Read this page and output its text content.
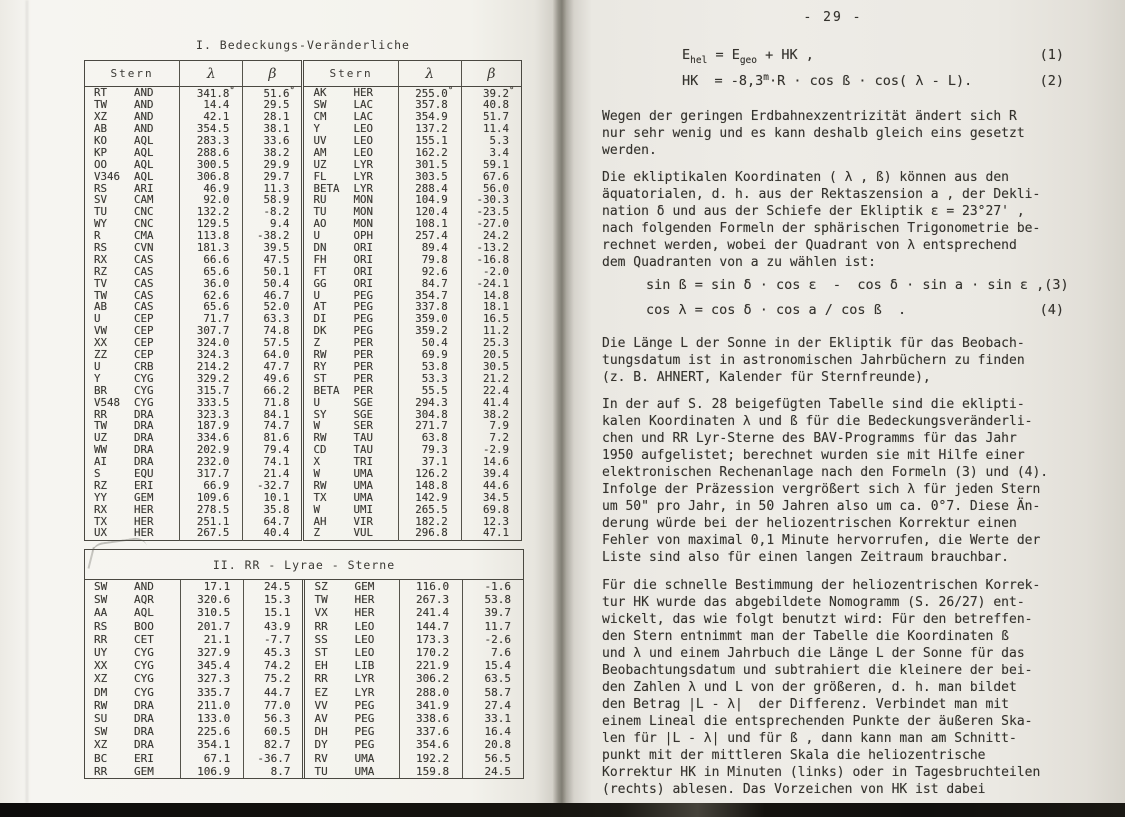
I. Bedeckungs-Veränderliche
Stern	λ	β	Stern	λ	β

RT AND	341.8°	51.6°	AK HER	255.0°	39.2°

TW AND	14.4	29.5	SW LAC	357.8	40.8

XZ AND	42.1	28.1	CM LAC	354.9	51.7

AB AND	354.5	38.1	Y LEO	137.2	11.4

KO AQL	283.3	33.6	UV LEO	155.1	5.3

KP AQL	288.6	38.2	AM LEO	162.2	3.4

OO AQL	300.5	29.9	UZ LYR	301.5	59.1

V346 AQL	306.8	29.7	FL LYR	303.5	67.6

RS ARI	46.9	11.3	BETA LYR	288.4	56.0

SV CAM	92.0	58.9	RU MON	104.9	-30.3

TU CNC	132.2	-8.2	TU MON	120.4	-23.5

WY CNC	129.5	9.4	AO MON	108.1	-27.0

R CMA	113.8	-38.2	U OPH	257.4	24.2

RS CVN	181.3	39.5	DN ORI	89.4	-13.2

RX CAS	66.6	47.5	FH ORI	79.8	-16.8

RZ CAS	65.6	50.1	FT ORI	92.6	-2.0

TV CAS	36.0	50.4	GG ORI	84.7	-24.1

TW CAS	62.6	46.7	U PEG	354.7	14.8

AB CAS	65.6	52.0	AT PEG	337.8	18.1

U CEP	71.7	63.3	DI PEG	359.0	16.5

VW CEP	307.7	74.8	DK PEG	359.2	11.2

XX CEP	324.0	57.5	Z PER	50.4	25.3

ZZ CEP	324.3	64.0	RW PER	69.9	20.5

U CRB	214.2	47.7	RY PER	53.8	30.5

Y CYG	329.2	49.6	ST PER	53.3	21.2

BR CYG	315.7	66.2	BETA PER	55.5	22.4

V548 CYG	333.5	71.8	U SGE	294.3	41.4

RR DRA	323.3	84.1	SY SGE	304.8	38.2

TW DRA	187.9	74.7	W SER	271.7	7.9

UZ DRA	334.6	81.6	RW TAU	63.8	7.2

WW DRA	202.9	79.4	CD TAU	79.3	-2.9

AI DRA	232.0	74.1	X TRI	37.1	14.6

S EQU	317.7	21.4	W UMA	126.2	39.4

RZ ERI	66.9	-32.7	RW UMA	148.8	44.6

YY GEM	109.6	10.1	TX UMA	142.9	34.5

RX HER	278.5	35.8	W UMI	265.5	69.8

TX HER	251.1	64.7	AH VIR	182.2	12.3

UX HER	267.5	40.4	Z VUL	296.8	47.1
II. RR - Lyrae - Sterne
SW AND	17.1	24.5	SZ GEM	116.0	-1.6

SW AQR	320.6	15.3	TW HER	267.3	53.8

AA AQL	310.5	15.1	VX HER	241.4	39.7

RS BOO	201.7	43.9	RR LEO	144.7	11.7

RR CET	21.1	-7.7	SS LEO	173.3	-2.6

UY CYG	327.9	45.3	ST LEO	170.2	7.6

XX CYG	345.4	74.2	EH LIB	221.9	15.4

XZ CYG	327.3	75.2	RR LYR	306.2	63.5

DM CYG	335.7	44.7	EZ LYR	288.0	58.7

RW DRA	211.0	77.0	VV PEG	341.9	27.4

SU DRA	133.0	56.3	AV PEG	338.6	33.1

SW DRA	225.6	60.5	DH PEG	337.6	16.4

XZ DRA	354.1	82.7	DY PEG	354.6	20.8

BC ERI	67.1	-36.7	RV UMA	192.2	56.5

RR GEM	106.9	8.7	TU UMA	159.8	24.5
- 29 -
$E_{hel} = E_{geo}$ + HK ,	(1)
HK  = $-8,3^m\cdot R \cdot \cos$ ß · cos( λ - L).	(2)
Wegen der geringen Erdbahnexzentrizität ändert sich R
nur sehr wenig und es kann deshalb gleich eins gesetzt
werden.
Die ekliptikalen Koordinaten ( λ , ß) können aus den
äquatorialen, d. h. aus der Rektaszension a , der Dekli-
nation δ und aus der Schiefe der Ekliptik ε = 23°27' ,
nach folgenden Formeln der sphärischen Trigonometrie be-
rechnet werden, wobei der Quadrant von λ entsprechend
dem Quadranten von a zu wählen ist:
sin ß = sin δ · cos ε  -  cos δ · sin a · sin ε , (3)
cos λ = cos δ · cos a / cos ß  .	(4)
Die Länge L der Sonne in der Ekliptik für das Beobach-
tungsdatum ist in astronomischen Jahrbüchern zu finden
(z. B. AHNERT, Kalender für Sternfreunde),
In der auf S. 28 beigefügten Tabelle sind die eklipti-
kalen Koordinaten λ und ß für die Bedeckungsveränderli-
chen und RR Lyr-Sterne des BAV-Programms für das Jahr
1950 aufgelistet; berechnet wurden sie mit Hilfe einer
elektronischen Rechenanlage nach den Formeln (3) und (4).
Infolge der Präzession vergrößert sich λ für jeden Stern
um 50" pro Jahr, in 50 Jahren also um ca. 0°7. Diese Än-
derung würde bei der heliozentrischen Korrektur einen
Fehler von maximal 0,1 Minute hervorrufen, die Werte der
Liste sind also für einen langen Zeitraum brauchbar.
Für die schnelle Bestimmung der heliozentrischen Korrek-
tur HK wurde das abgebildete Nomogramm (S. 26/27) ent-
wickelt, das wie folgt benutzt wird: Für den betreffen-
den Stern entnimmt man der Tabelle die Koordinaten ß
und λ und einem Jahrbuch die Länge L der Sonne für das
Beobachtungsdatum und subtrahiert die kleinere der bei-
den Zahlen λ und L von der größeren, d. h. man bildet
den Betrag |L - λ|  der Differenz. Verbindet man mit
einem Lineal die entsprechenden Punkte der äußeren Ska-
len für |L - λ| und für ß , dann kann man am Schnitt-
punkt mit der mittleren Skala die heliozentrische
Korrektur HK in Minuten (links) oder in Tagesbruchteilen
(rechts) ablesen. Das Vorzeichen von HK ist dabei
